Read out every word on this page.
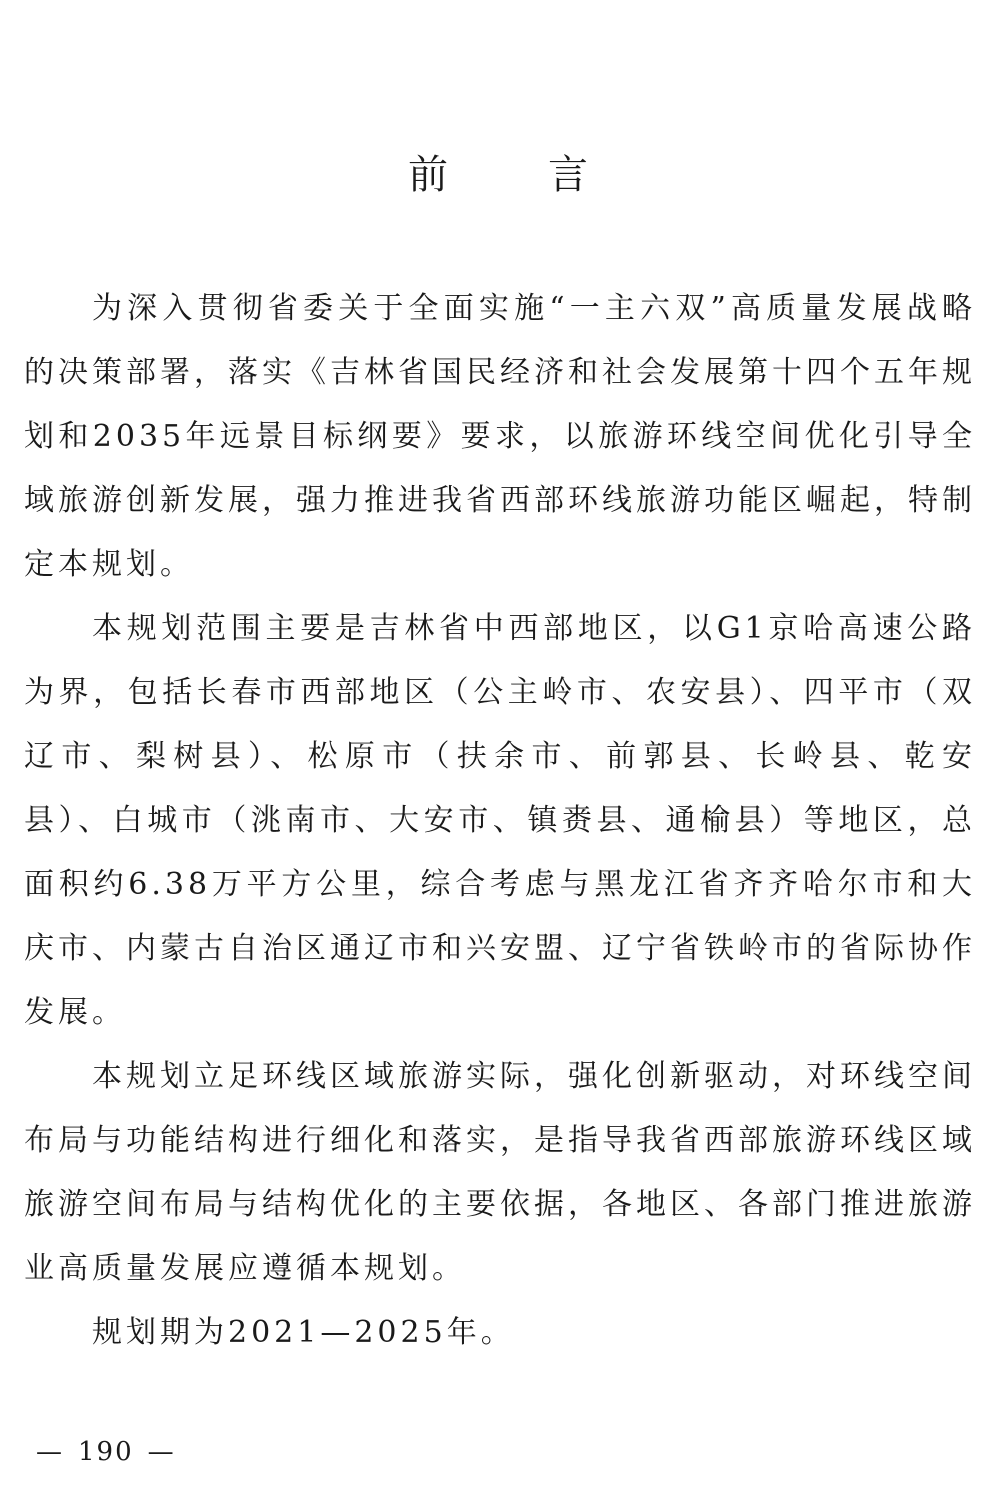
前	言

为深入贯彻省委关于全面实施“一主六双”高质量发展战略的决策部署，落实《吉林省国民经济和社会发展第十四个五年规划和2035年远景目标纲要》要求，以旅游环线空间优化引导全域旅游创新发展，强力推进我省西部环线旅游功能区崛起，特制定本规划。

本规划范围主要是吉林省中西部地区，以G1京哈高速公路为界，包括长春市西部地区（公主岭市、农安县）、四平市（双辽市、梨树县）、松原市（扶余市、前郭县、长岭县、乾安县）、白城市（洮南市、大安市、镇赉县、通榆县）等地区，总面积约6.38万平方公里，综合考虑与黑龙江省齐齐哈尔市和大庆市、内蒙古自治区通辽市和兴安盟、辽宁省铁岭市的省际协作发展。

本规划立足环线区域旅游实际，强化创新驱动，对环线空间布局与功能结构进行细化和落实，是指导我省西部旅游环线区域旅游空间布局与结构优化的主要依据，各地区、各部门推进旅游业高质量发展应遵循本规划。

规划期为2021—2025年。

— 190 —
